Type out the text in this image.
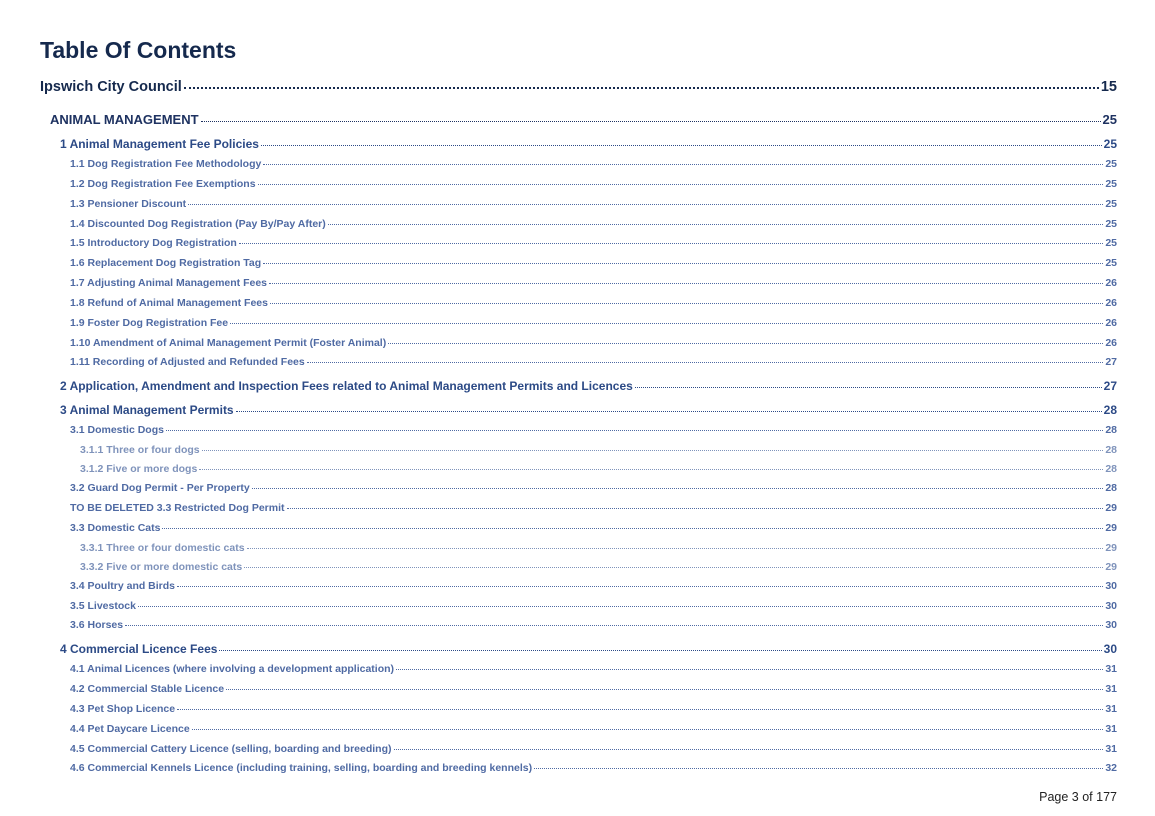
Table Of Contents
Ipswich City Council	15
ANIMAL MANAGEMENT	25
1 Animal Management Fee Policies	25
1.1 Dog Registration Fee Methodology	25
1.2 Dog Registration Fee Exemptions	25
1.3 Pensioner Discount	25
1.4 Discounted Dog Registration (Pay By/Pay After)	25
1.5 Introductory Dog Registration	25
1.6 Replacement Dog Registration Tag	25
1.7 Adjusting Animal Management Fees	26
1.8 Refund of Animal Management Fees	26
1.9 Foster Dog Registration Fee	26
1.10 Amendment of Animal Management Permit (Foster Animal)	26
1.11 Recording of Adjusted and Refunded Fees	27
2 Application, Amendment and Inspection Fees related to Animal Management Permits and Licences	27
3 Animal Management Permits	28
3.1 Domestic Dogs	28
3.1.1 Three or four dogs	28
3.1.2 Five or more dogs	28
3.2 Guard Dog Permit - Per Property	28
TO BE DELETED 3.3 Restricted Dog Permit	29
3.3 Domestic Cats	29
3.3.1 Three or four domestic cats	29
3.3.2 Five or more domestic cats	29
3.4 Poultry and Birds	30
3.5 Livestock	30
3.6 Horses	30
4 Commercial Licence Fees	30
4.1 Animal Licences (where involving a development application)	31
4.2 Commercial Stable Licence	31
4.3 Pet Shop Licence	31
4.4 Pet Daycare Licence	31
4.5 Commercial Cattery Licence (selling, boarding and breeding)	31
4.6 Commercial Kennels Licence (including training, selling, boarding and breeding kennels)	32
Page 3 of 177
